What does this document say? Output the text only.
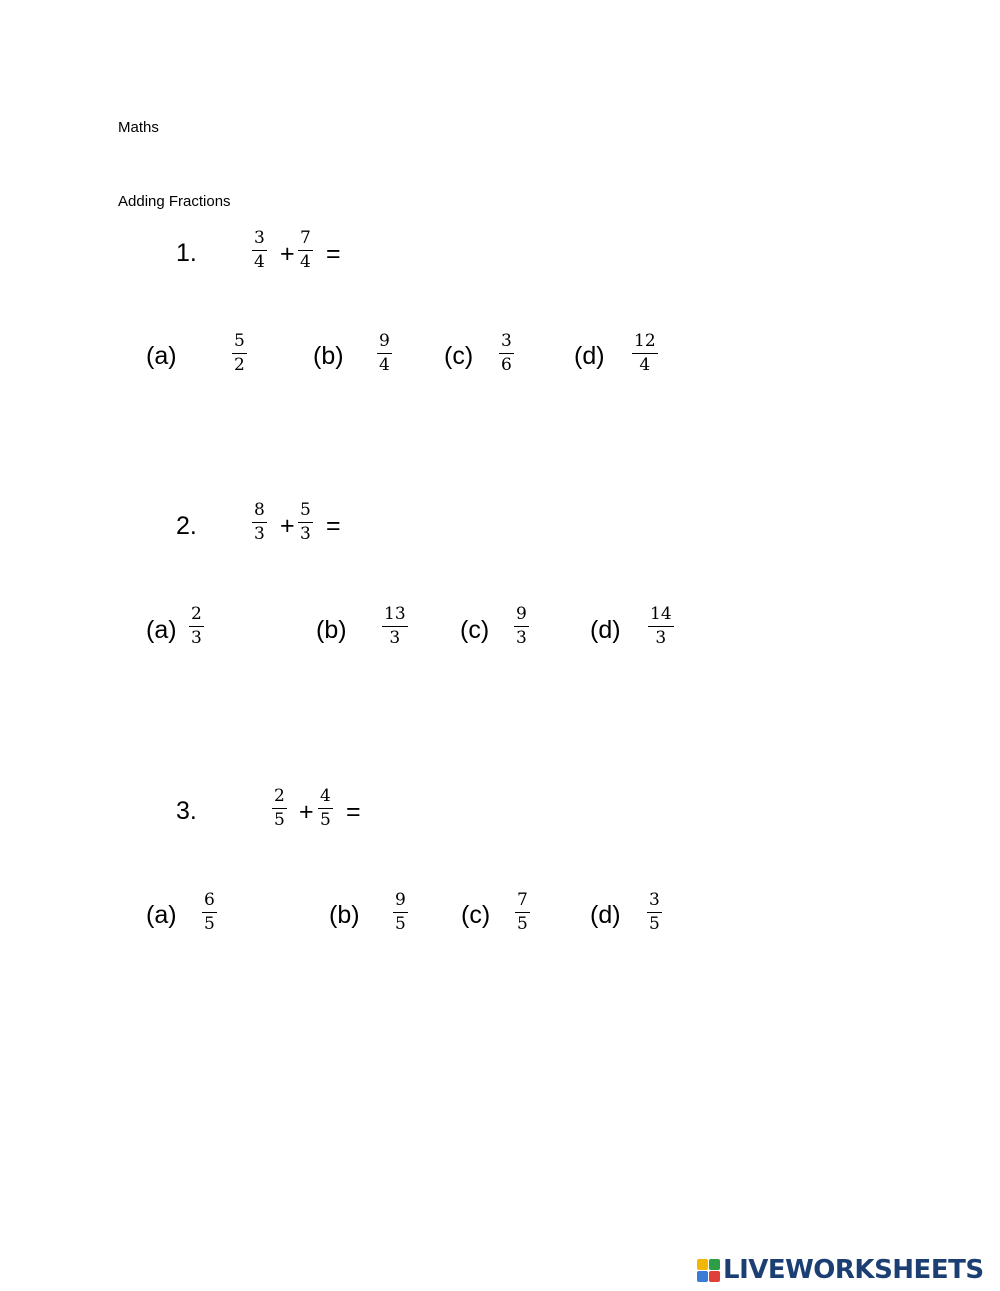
Maths
Adding Fractions
1.	$\frac{3}{4} + \frac{7}{4}$ =
(a)	$\frac{5}{2}$	$(b) \frac{9}{4} (c) \frac{3}{6} (d) \frac{12}{4}$
2.	$\frac{8}{3} + \frac{5}{3}$ =
$(a) \frac{2}{3}$	$(b) \frac{13}{3} (c) \frac{9}{3} (d) \frac{14}{3}$
3.	$\frac{2}{5} + \frac{4}{5}$ =
$(a) \frac{6}{5}$	$(b) \frac{9}{5} (c) \frac{7}{5} (d) \frac{3}{5}$
LIVEWORKSHEETS
